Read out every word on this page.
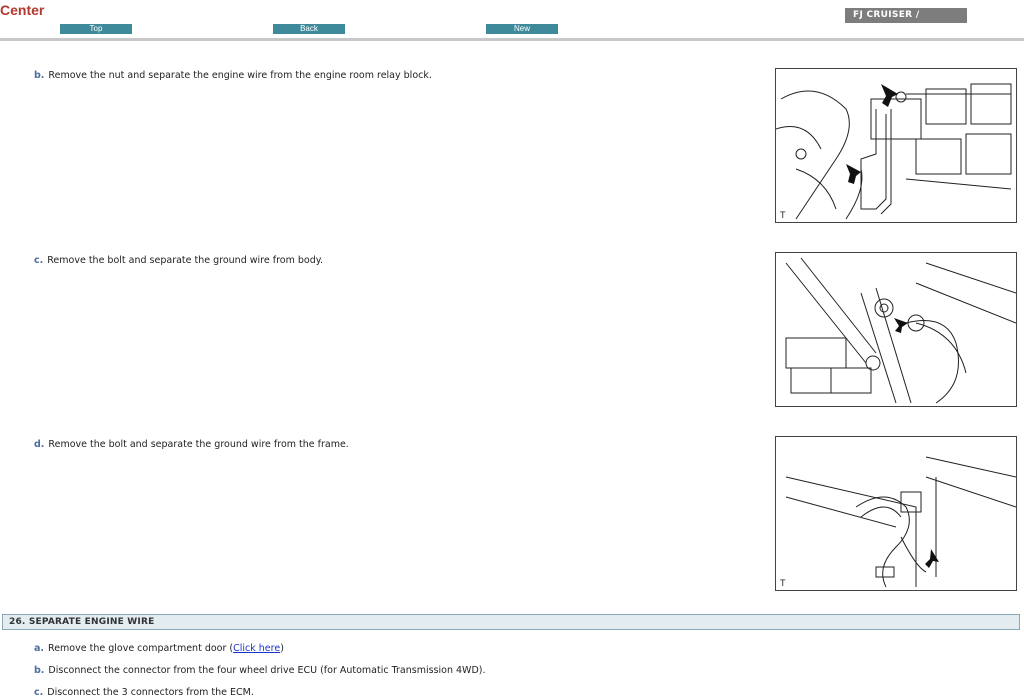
Center
Top	Back	New
FJ CRUISER /
b. Remove the nut and separate the engine wire from the engine room relay block.
T
c. Remove the bolt and separate the ground wire from body.
d. Remove the bolt and separate the ground wire from the frame.
T
26. SEPARATE ENGINE WIRE
a. Remove the glove compartment door (Click here)
b. Disconnect the connector from the four wheel drive ECU (for Automatic Transmission 4WD).
c. Disconnect the 3 connectors from the ECM.
